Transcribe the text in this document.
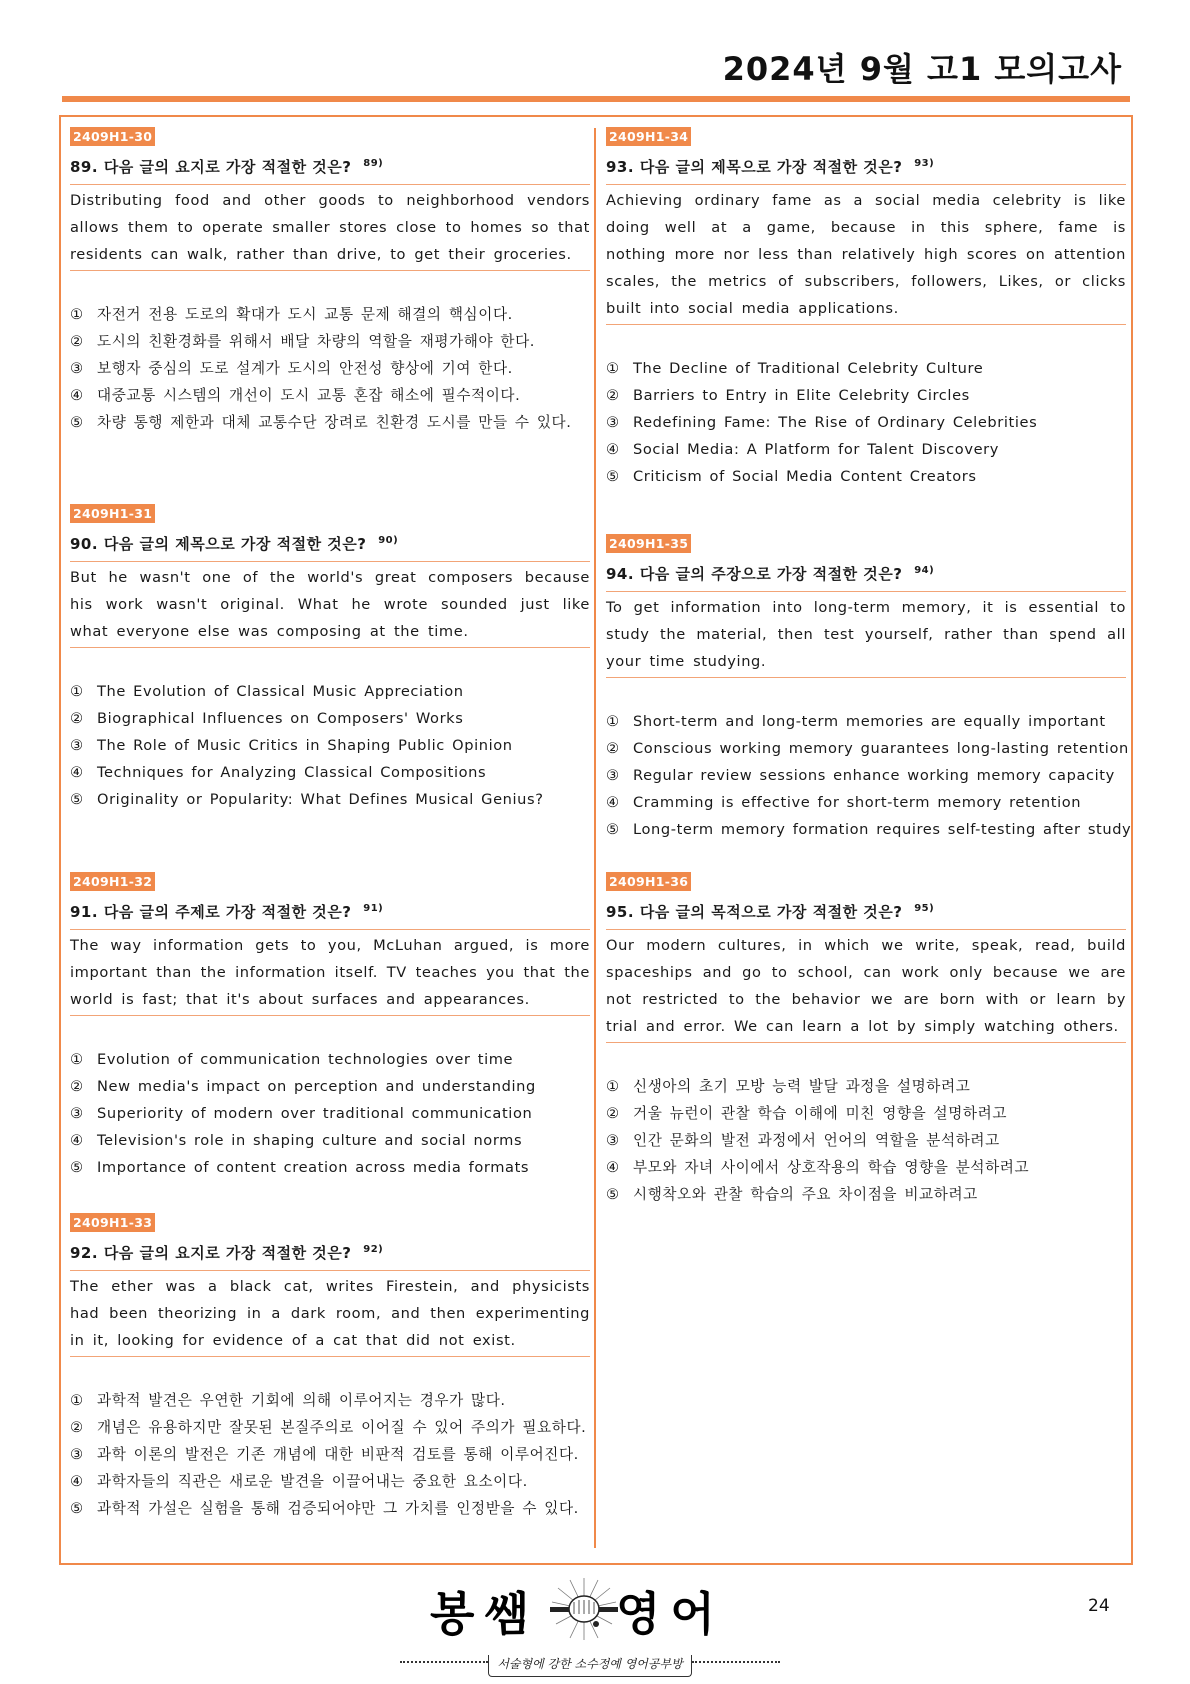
2024년 9월 고1 모의고사
2409H1-30
89. 다음 글의 요지로 가장 적절한 것은? $^{89)}$

Distributing food and other goods to neighborhood vendors allows them to operate smaller stores close to homes so that residents can walk, rather than drive, to get their groceries.

① 자전거 전용 도로의 확대가 도시 교통 문제 해결의 핵심이다.
② 도시의 친환경화를 위해서 배달 차량의 역할을 재평가해야 한다.
③ 보행자 중심의 도로 설계가 도시의 안전성 향상에 기여 한다.
④ 대중교통 시스템의 개선이 도시 교통 혼잡 해소에 필수적이다.
⑤ 차량 통행 제한과 대체 교통수단 장려로 친환경 도시를 만들 수 있다.
2409H1-31
90. 다음 글의 제목으로 가장 적절한 것은? $^{90)}$

But he wasn't one of the world's great composers because his work wasn't original. What he wrote sounded just like what everyone else was composing at the time.

① The Evolution of Classical Music Appreciation
② Biographical Influences on Composers' Works
③ The Role of Music Critics in Shaping Public Opinion
④ Techniques for Analyzing Classical Compositions
⑤ Originality or Popularity: What Defines Musical Genius?
2409H1-32
91. 다음 글의 주제로 가장 적절한 것은? $^{91)}$

The way information gets to you, McLuhan argued, is more important than the information itself. TV teaches you that the world is fast; that it's about surfaces and appearances.

① Evolution of communication technologies over time
② New media's impact on perception and understanding
③ Superiority of modern over traditional communication
④ Television's role in shaping culture and social norms
⑤ Importance of content creation across media formats
2409H1-33
92. 다음 글의 요지로 가장 적절한 것은? $^{92)}$

The ether was a black cat, writes Firestein, and physicists had been theorizing in a dark room, and then experimenting in it, looking for evidence of a cat that did not exist.

① 과학적 발견은 우연한 기회에 의해 이루어지는 경우가 많다.
② 개념은 유용하지만 잘못된 본질주의로 이어질 수 있어 주의가 필요하다.
③ 과학 이론의 발전은 기존 개념에 대한 비판적 검토를 통해 이루어진다.
④ 과학자들의 직관은 새로운 발견을 이끌어내는 중요한 요소이다.
⑤ 과학적 가설은 실험을 통해 검증되어야만 그 가치를 인정받을 수 있다.
2409H1-34
93. 다음 글의 제목으로 가장 적절한 것은? $^{93)}$

Achieving ordinary fame as a social media celebrity is like doing well at a game, because in this sphere, fame is nothing more nor less than relatively high scores on attention scales, the metrics of subscribers, followers, Likes, or clicks built into social media applications.

① The Decline of Traditional Celebrity Culture
② Barriers to Entry in Elite Celebrity Circles
③ Redefining Fame: The Rise of Ordinary Celebrities
④ Social Media: A Platform for Talent Discovery
⑤ Criticism of Social Media Content Creators
2409H1-35
94. 다음 글의 주장으로 가장 적절한 것은? $^{94)}$

To get information into long-term memory, it is essential to study the material, then test yourself, rather than spend all your time studying.

① Short-term and long-term memories are equally important
② Conscious working memory guarantees long-lasting retention
③ Regular review sessions enhance working memory capacity
④ Cramming is effective for short-term memory retention
⑤ Long-term memory formation requires self-testing after study
2409H1-36
95. 다음 글의 목적으로 가장 적절한 것은? $^{95)}$

Our modern cultures, in which we write, speak, read, build spaceships and go to school, can work only because we are not restricted to the behavior we are born with or learn by trial and error. We can learn a lot by simply watching others.

① 신생아의 초기 모방 능력 발달 과정을 설명하려고
② 거울 뉴런이 관찰 학습 이해에 미친 영향을 설명하려고
③ 인간 문화의 발전 과정에서 언어의 역할을 분석하려고
④ 부모와 자녀 사이에서 상호작용의 학습 영향을 분석하려고
⑤ 시행착오와 관찰 학습의 주요 차이점을 비교하려고
봉쌤 영어
서술형에 강한 소수정예 영어공부방
24
